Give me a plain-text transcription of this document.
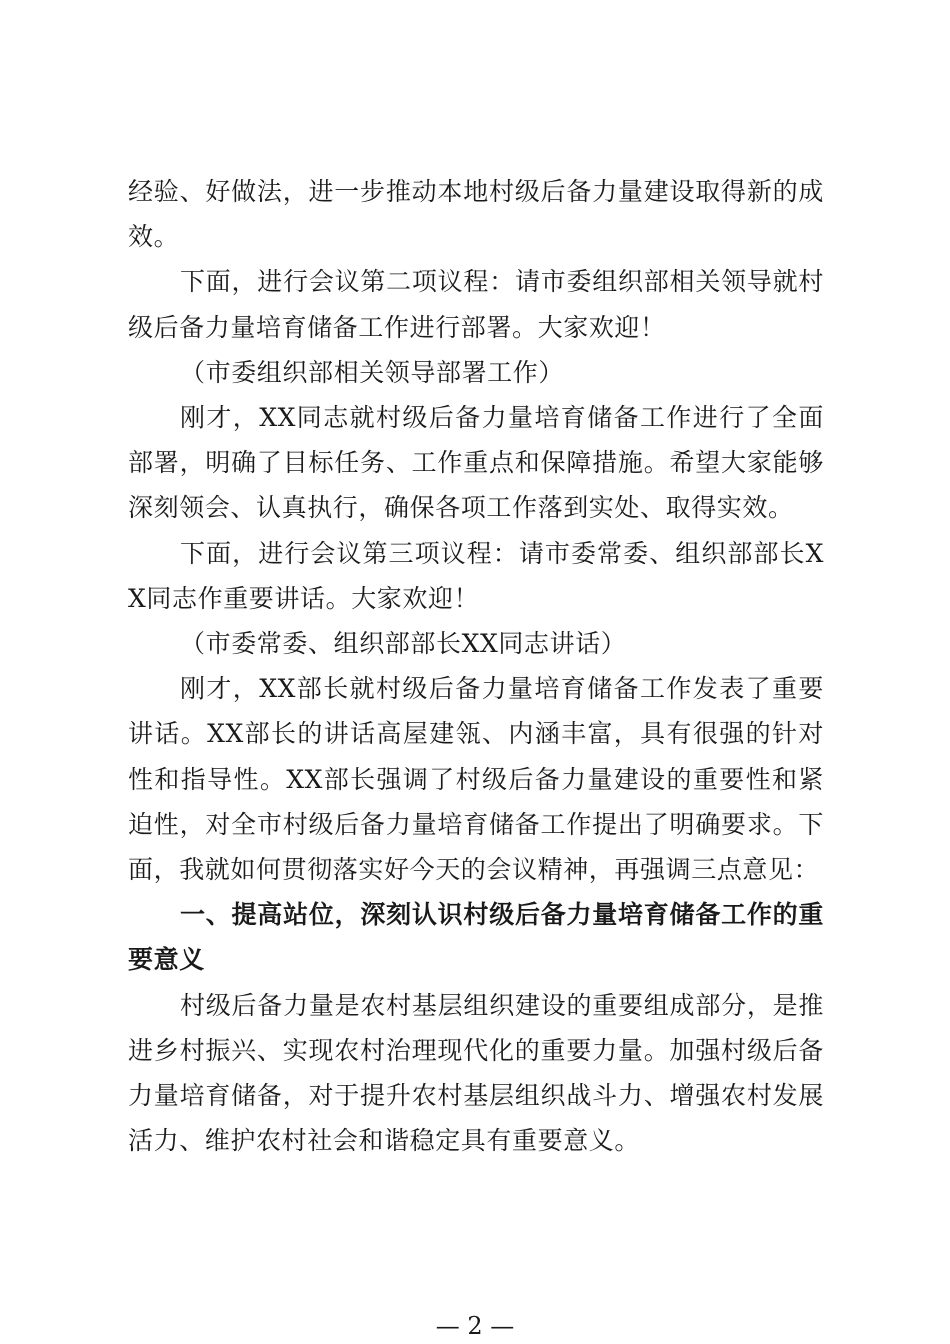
经验、好做法，进一步推动本地村级后备力量建设取得新的成效。

下面，进行会议第二项议程：请市委组织部相关领导就村级后备力量培育储备工作进行部署。大家欢迎！

（市委组织部相关领导部署工作）

刚才，XX同志就村级后备力量培育储备工作进行了全面部署，明确了目标任务、工作重点和保障措施。希望大家能够深刻领会、认真执行，确保各项工作落到实处、取得实效。

下面，进行会议第三项议程：请市委常委、组织部部长XX同志作重要讲话。大家欢迎！

（市委常委、组织部部长XX同志讲话）

刚才，XX部长就村级后备力量培育储备工作发表了重要讲话。XX部长的讲话高屋建瓴、内涵丰富，具有很强的针对性和指导性。XX部长强调了村级后备力量建设的重要性和紧迫性，对全市村级后备力量培育储备工作提出了明确要求。下面，我就如何贯彻落实好今天的会议精神，再强调三点意见：

一、提高站位，深刻认识村级后备力量培育储备工作的重要意义

村级后备力量是农村基层组织建设的重要组成部分，是推进乡村振兴、实现农村治理现代化的重要力量。加强村级后备力量培育储备，对于提升农村基层组织战斗力、增强农村发展活力、维护农村社会和谐稳定具有重要意义。

— 2 —
